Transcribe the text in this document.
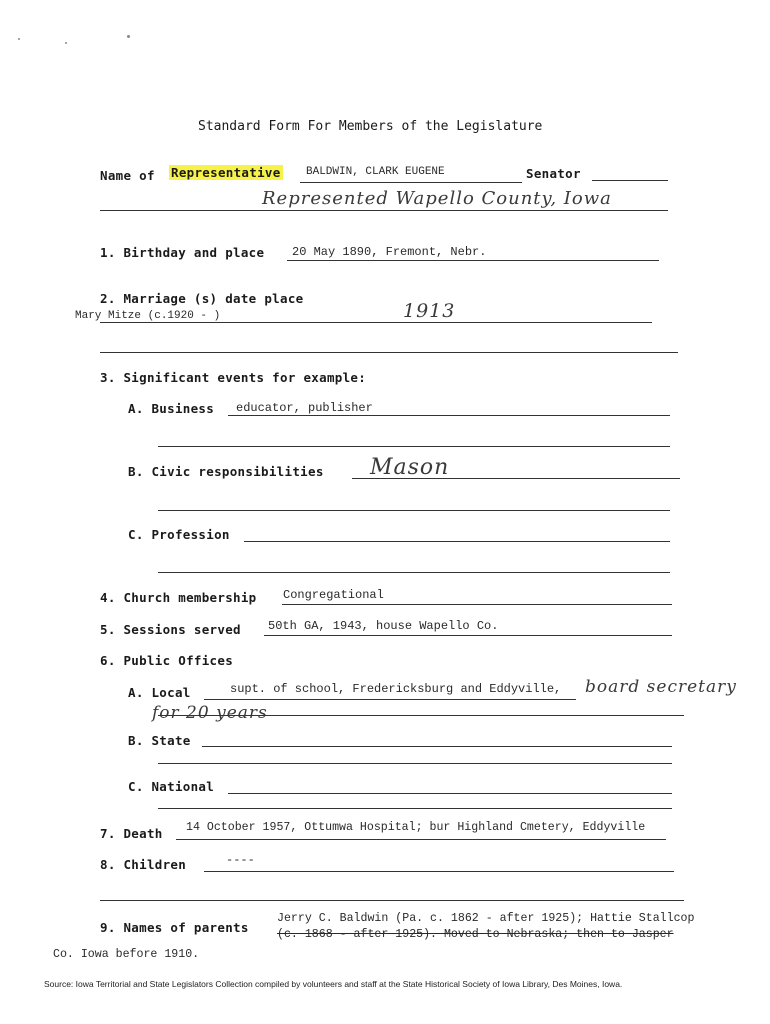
Standard Form For Members of the Legislature
Name of Representative BALDWIN, CLARK EUGENE	Senator
Represented Wapello County, Iowa
1. Birthday and place 20 May 1890, Fremont, Nebr.
2. Marriage (s) date place
Mary Mitze (c.1920 - )	1913
3. Significant events for example:
A. Business educator, publisher
B. Civic responsibilities Mason
C. Profession
4. Church membership Congregational
5. Sessions served 50th GA, 1943, house Wapello Co.
6. Public Offices
A. Local	supt. of school, Fredericksburg and Eddyville, board secretary
for 20 years
B. State
C. National
7. Death 14 October 1957, Ottumwa Hospital; bur Highland Cmetery, Eddyville
8. Children	----
9. Names of parents
Jerry C. Baldwin (Pa. c. 1862 - after 1925); Hattie Stallcop
(c. 1868 - after 1925). Moved to Nebraska; then to Jasper
Co. Iowa before 1910.
Source: Iowa Territorial and State Legislators Collection compiled by volunteers and staff at the State Historical Society of Iowa Library, Des Moines, Iowa.
